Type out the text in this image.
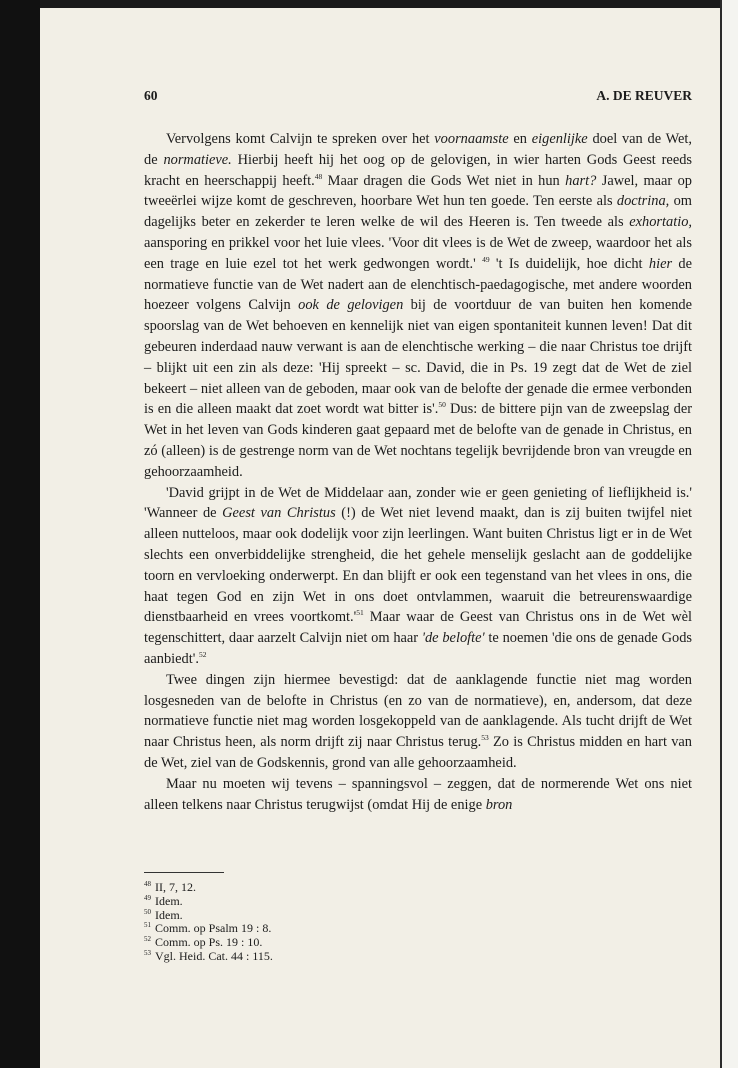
60	A. DE REUVER

Vervolgens komt Calvijn te spreken over het voornaamste en eigenlijke doel van de Wet, de normatieve. Hierbij heeft hij het oog op de gelovigen, in wier harten Gods Geest reeds kracht en heerschappij heeft.$^{48}$ Maar dragen die Gods Wet niet in hun hart? Jawel, maar op tweeërlei wijze komt de geschreven, hoorbare Wet hun ten goede. Ten eerste als doctrina, om dagelijks beter en zekerder te leren welke de wil des Heeren is. Ten tweede als exhortatio, aansporing en prikkel voor het luie vlees. 'Voor dit vlees is de Wet de zweep, waardoor het als een trage en luie ezel tot het werk gedwongen wordt.' $^{49}$ 't Is duidelijk, hoe dicht hier de normatieve functie van de Wet nadert aan de elenchtisch-paedagogische, met andere woorden hoezeer volgens Calvijn ook de gelovigen bij de voortduur de van buiten hen komende spoorslag van de Wet behoeven en kennelijk niet van eigen spontaniteit kunnen leven! Dat dit gebeuren inderdaad nauw verwant is aan de elenchtische werking – die naar Christus toe drijft – blijkt uit een zin als deze: 'Hij spreekt – sc. David, die in Ps. 19 zegt dat de Wet de ziel bekeert – niet alleen van de geboden, maar ook van de belofte der genade die ermee verbonden is en die alleen maakt dat zoet wordt wat bitter is'.$^{50}$ Dus: de bittere pijn van de zweepslag der Wet in het leven van Gods kinderen gaat gepaard met de belofte van de genade in Christus, en zó (alleen) is de gestrenge norm van de Wet nochtans tegelijk bevrijdende bron van vreugde en gehoorzaamheid.

'David grijpt in de Wet de Middelaar aan, zonder wie er geen genieting of lieflijkheid is.' 'Wanneer de Geest van Christus (!) de Wet niet levend maakt, dan is zij buiten twijfel niet alleen nutteloos, maar ook dodelijk voor zijn leerlingen. Want buiten Christus ligt er in de Wet slechts een onverbiddelijke strengheid, die het gehele menselijk geslacht aan de goddelijke toorn en vervloeking onderwerpt. En dan blijft er ook een tegenstand van het vlees in ons, die haat tegen God en zijn Wet in ons doet ontvlammen, waaruit die betreurenswaardige dienstbaarheid en vrees $voortkomt.'^{51}$ Maar waar de Geest van Christus ons in de Wet wèl tegenschittert, daar aarzelt Calvijn niet om haar 'de belofte' te noemen 'die ons de genade Gods aanbiedt'.$^{52}$

Twee dingen zijn hiermee bevestigd: dat de aanklagende functie niet mag worden losgesneden van de belofte in Christus (en zo van de normatieve), en, andersom, dat deze normatieve functie niet mag worden losgekoppeld van de aanklagende. Als tucht drijft de Wet naar Christus heen, als norm drijft zij naar Christus terug.$^{53}$ Zo is Christus midden en hart van de Wet, ziel van de Godskennis, grond van alle gehoorzaamheid.

Maar nu moeten wij tevens – spanningsvol – zeggen, dat de normerende Wet ons niet alleen telkens naar Christus terugwijst (omdat Hij de enige bron

$^{48}$ II, 7, 12.
$^{49}$ Idem.
$^{50}$ Idem.
$^{51}$ Comm. op Psalm 19 : 8.
$^{52}$ Comm. op Ps. 19 : 10.
$^{53}$ Vgl. Heid. Cat. 44 : 115.
